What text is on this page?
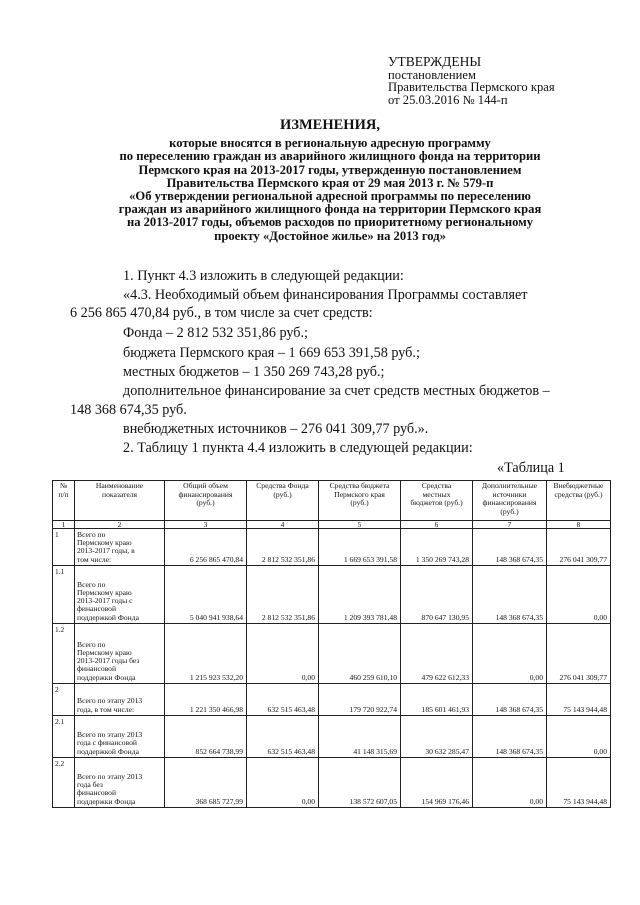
УТВЕРЖДЕНЫ
постановлением
Правительства Пермского края
от 25.03.2016 № 144-п
ИЗМЕНЕНИЯ,
которые вносятся в региональную адресную программу
по переселению граждан из аварийного жилищного фонда на территории
Пермского края на 2013-2017 годы, утвержденную постановлением
Правительства Пермского края от 29 мая 2013 г. № 579-п
«Об утверждении региональной адресной программы по переселению
граждан из аварийного жилищного фонда на территории Пермского края
на 2013-2017 годы, объемов расходов по приоритетному региональному
проекту «Достойное жилье» на 2013 год»
1. Пункт 4.3 изложить в следующей редакции:
«4.3. Необходимый объем финансирования Программы составляет
6 256 865 470,84 руб., в том числе за счет средств:
Фонда – 2 812 532 351,86 руб.;
бюджета Пермского края – 1 669 653 391,58 руб.;
местных бюджетов – 1 350 269 743,28 руб.;
дополнительное финансирование за счет средств местных бюджетов –
148 368 674,35 руб.
внебюджетных источников – 276 041 309,77 руб.».
2. Таблицу 1 пункта 4.4 изложить в следующей редакции:
«Таблица 1
№
п/п	Наименование
показателя	Общий объем
финансирования
(руб.)	Средства Фонда
(руб.)	Средства бюджета
Пермского края
(руб.)	Средства
местных
бюджетов (руб.)	Дополнительные
источники
финансирования
(руб.)	Внебюджетные
средства (руб.)
1	2	3	4	5	6	7	8
1	Всего по
Пермскому краю
2013-2017 годы, в
том числе:	6 256 865 470,84	2 812 532 351,86	1 669 653 391,58	1 350 269 743,28	148 368 674,35	276 041 309,77
1.1	Всего по
Пермскому краю
2013-2017 годы с
финансовой
поддержкой Фонда	5 040 941 938,64	2 812 532 351,86	1 209 393 781,48	870 647 130,95	148 368 674,35	0,00
1.2	Всего по
Пермскому краю
2013-2017 годы без
финансовой
поддержки Фонда	1 215 923 532,20	0,00	460 259 610,10	479 622 612,33	0,00	276 041 309,77
2	Всего по этапу 2013
года, в том числе:	1 221 350 466,98	632 515 463,48	179 720 922,74	185 601 461,93	148 368 674,35	75 143 944,48
2.1	Всего по этапу 2013
года с финансовой
поддержкой Фонда	852 664 738,99	632 515 463,48	41 148 315,69	30 632 285,47	148 368 674,35	0,00
2.2	Всего по этапу 2013
года без
финансовой
поддержки Фонда	368 685 727,99	0,00	138 572 607,05	154 969 176,46	0,00	75 143 944,48
